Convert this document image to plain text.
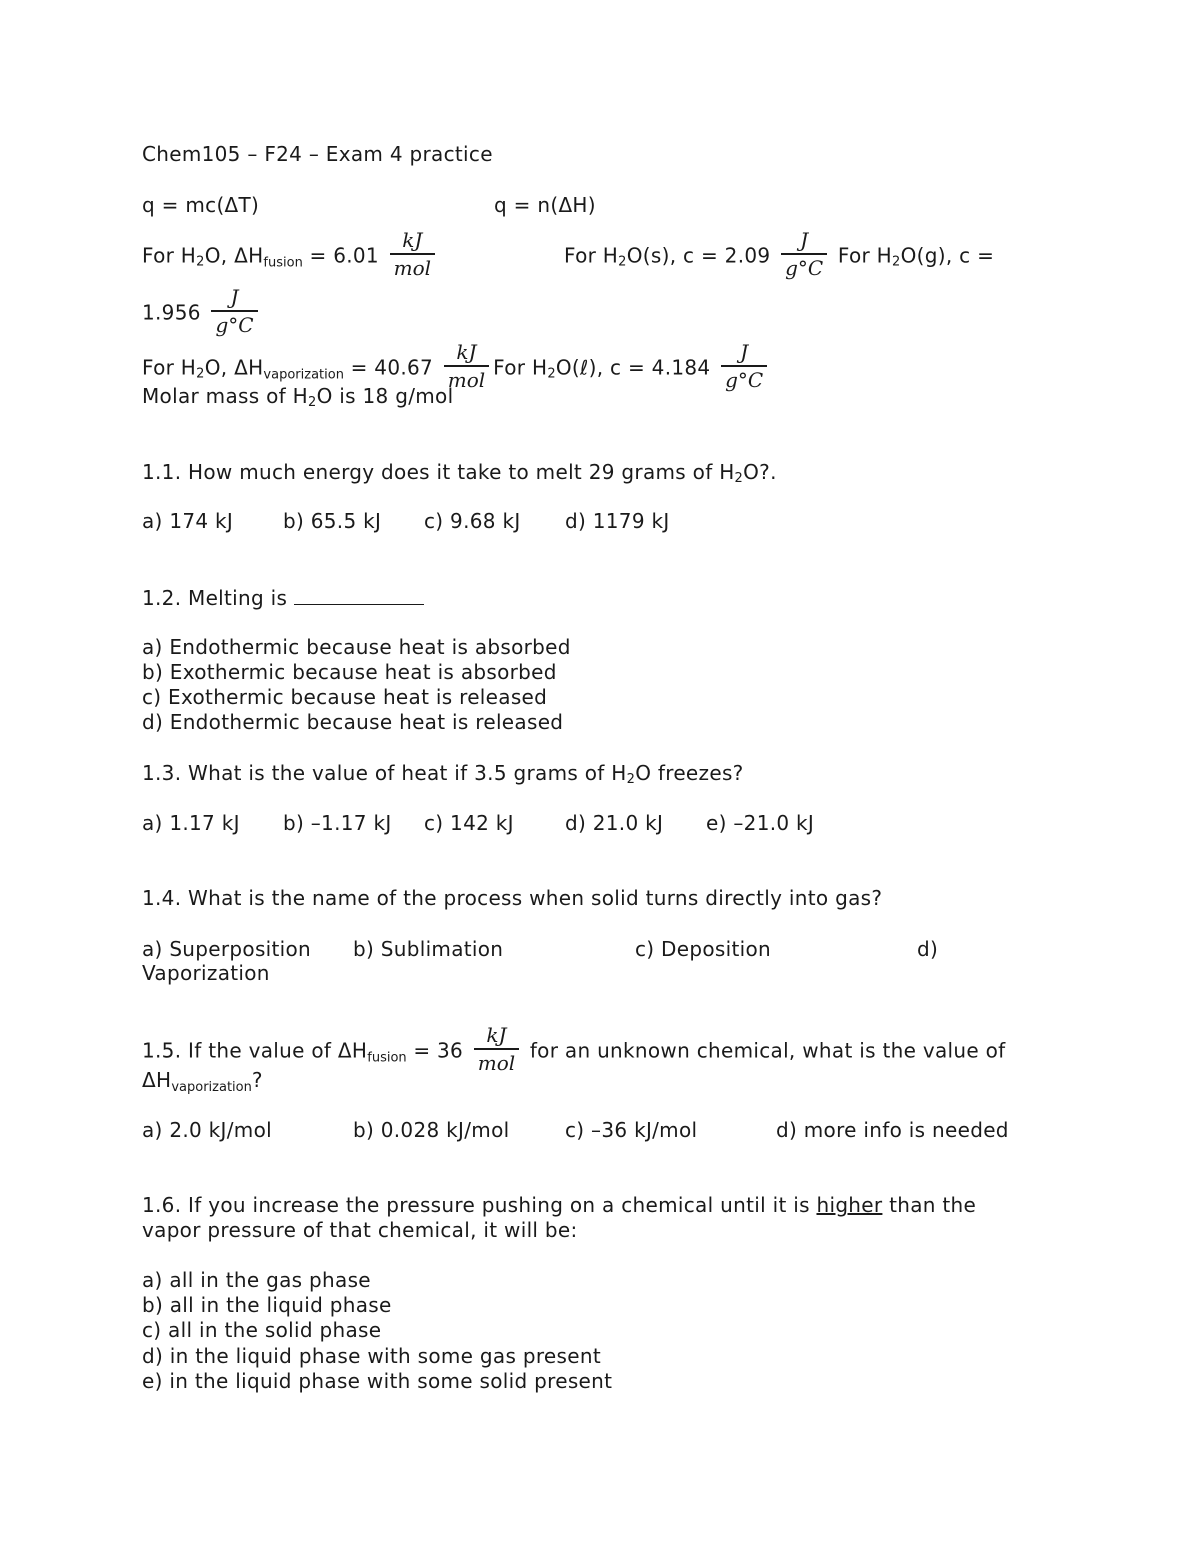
Chem105 – F24 – Exam 4 practice
q = mc(ΔT)	q = n(ΔH)
For $H_2O$, $\Delta H_{fusion} = 6.01 \frac{kJ}{\text{mol}}$	For $H_2O(s)$, $c = 2.09 \frac{J}{g^\circ C}$ For $H_2O(g)$, c =
$1.956 \frac{J}{g^\circ C}$
For $H_2O$, $\Delta H_{vaporization} = 40.67 \frac{kJ}{\text{mol}}$ For $H_2O(\ell)$, $c = 4.184 \frac{J}{g^\circ C}$
Molar mass of $H_2O$ is 18 g/mol
1.1. How much energy does it take to melt 29 grams of $H_2O$?.
a) 174 kJ b) 65.5 kJ c) 9.68 kJ d) 1179 kJ
1.2. Melting is
a) Endothermic because heat is absorbed
b) Exothermic because heat is absorbed
c) Exothermic because heat is released
d) Endothermic because heat is released
1.3. What is the value of heat if 3.5 grams of $H_2O$ freezes?
a) 1.17 kJ b) –1.17 kJ c) 142 kJ	d) 21.0 kJ e) –21.0 kJ
1.4. What is the name of the process when solid turns directly into gas?
a) Superposition b) Sublimation	c) Deposition	d)
Vaporization
1.5. If the value of $\Delta H_{fusion} = 36 \frac{kJ}{\text{mol}}$ for an unknown chemical, what is the value of
$\Delta H_{vaporization}$?
a) 2.0 kJ/mol	b) 0.028 kJ/mol	c) –36 kJ/mol	d) more info is needed
1.6. If you increase the pressure pushing on a chemical until it is higher than the
vapor pressure of that chemical, it will be:
a) all in the gas phase
b) all in the liquid phase
c) all in the solid phase
d) in the liquid phase with some gas present
e) in the liquid phase with some solid present
